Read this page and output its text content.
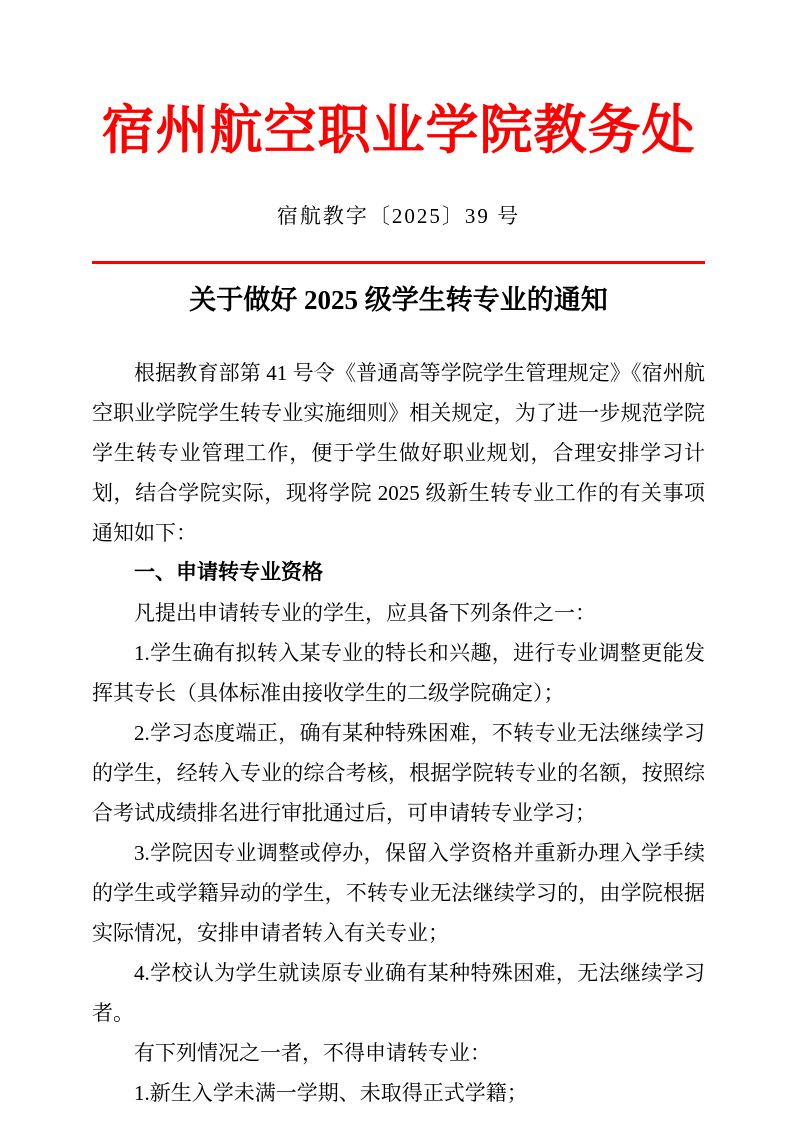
宿州航空职业学院教务处
宿航教字〔2025〕39 号
关于做好 2025 级学生转专业的通知

根据教育部第 41 号令《普通高等学院学生管理规定》《宿州航空职业学院学生转专业实施细则》相关规定，为了进一步规范学院学生转专业管理工作，便于学生做好职业规划，合理安排学习计划，结合学院实际，现将学院 2025 级新生转专业工作的有关事项通知如下：

一、申请转专业资格

凡提出申请转专业的学生，应具备下列条件之一：

1.学生确有拟转入某专业的特长和兴趣，进行专业调整更能发挥其专长（具体标准由接收学生的二级学院确定）；

2.学习态度端正，确有某种特殊困难，不转专业无法继续学习的学生，经转入专业的综合考核，根据学院转专业的名额，按照综合考试成绩排名进行审批通过后，可申请转专业学习；

3.学院因专业调整或停办，保留入学资格并重新办理入学手续的学生或学籍异动的学生，不转专业无法继续学习的，由学院根据实际情况，安排申请者转入有关专业；

4.学校认为学生就读原专业确有某种特殊困难，无法继续学习者。

有下列情况之一者，不得申请转专业：

1.新生入学未满一学期、未取得正式学籍；
